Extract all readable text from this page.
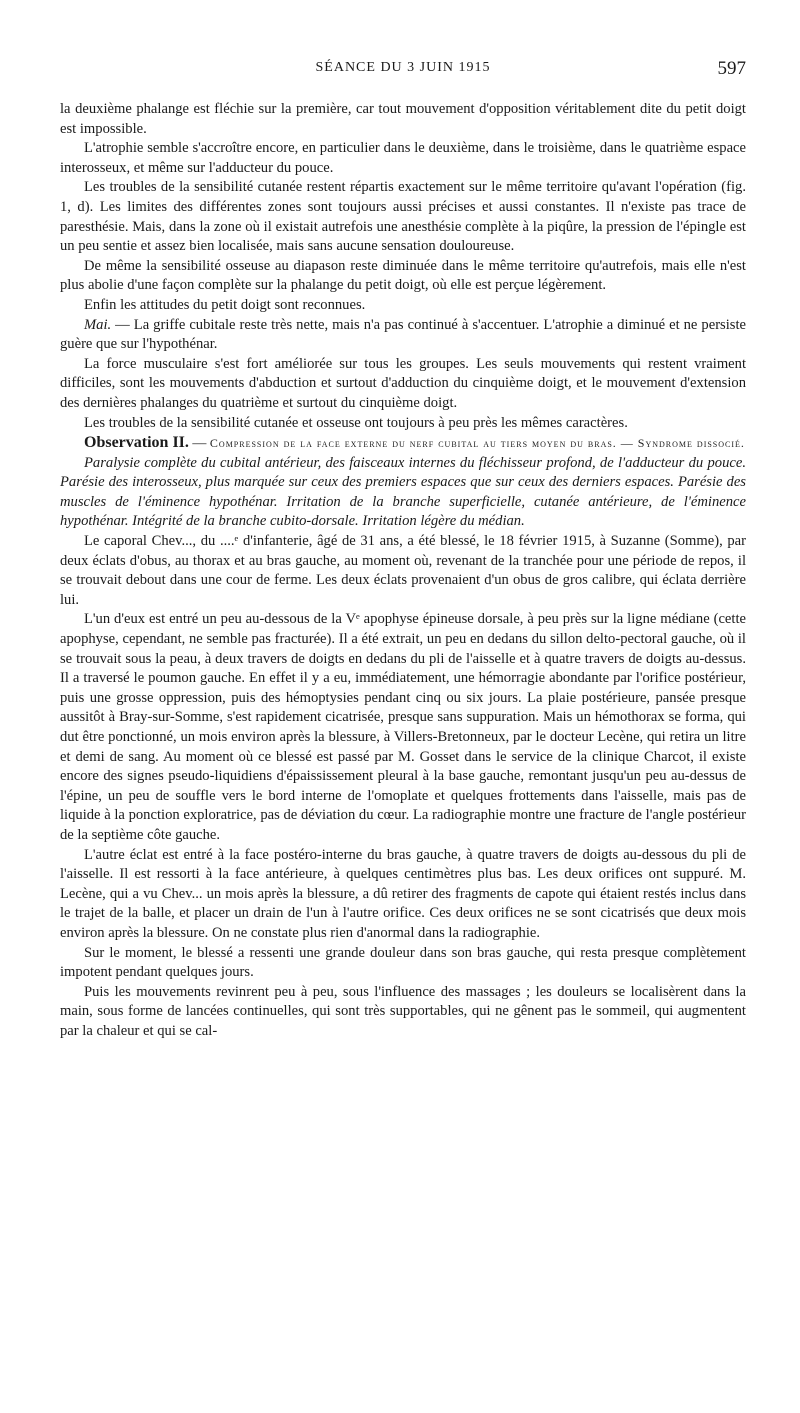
SÉANCE DU 3 JUIN 1915	597

la deuxième phalange est fléchie sur la première, car tout mouvement d'opposition véritablement dite du petit doigt est impossible.

L'atrophie semble s'accroître encore, en particulier dans le deuxième, dans le troisième, dans le quatrième espace interosseux, et même sur l'adducteur du pouce.

Les troubles de la sensibilité cutanée restent répartis exactement sur le même territoire qu'avant l'opération (fig. 1, d). Les limites des différentes zones sont toujours aussi précises et aussi constantes. Il n'existe pas trace de paresthésie. Mais, dans la zone où il existait autrefois une anesthésie complète à la piqûre, la pression de l'épingle est un peu sentie et assez bien localisée, mais sans aucune sensation douloureuse.

De même la sensibilité osseuse au diapason reste diminuée dans le même territoire qu'autrefois, mais elle n'est plus abolie d'une façon complète sur la phalange du petit doigt, où elle est perçue légèrement.

Enfin les attitudes du petit doigt sont reconnues.

Mai. — La griffe cubitale reste très nette, mais n'a pas continué à s'accentuer. L'atrophie a diminué et ne persiste guère que sur l'hypothénar.

La force musculaire s'est fort améliorée sur tous les groupes. Les seuls mouvements qui restent vraiment difficiles, sont les mouvements d'abduction et surtout d'adduction du cinquième doigt, et le mouvement d'extension des dernières phalanges du quatrième et surtout du cinquième doigt.

Les troubles de la sensibilité cutanée et osseuse ont toujours à peu près les mêmes caractères.

Observation II. — Compression de la face externe du nerf cubital au tiers moyen du bras. — Syndrome dissocié.

Paralysie complète du cubital antérieur, des faisceaux internes du fléchisseur profond, de l'adducteur du pouce. Parésie des interosseux, plus marquée sur ceux des premiers espaces que sur ceux des derniers espaces. Parésie des muscles de l'éminence hypothénar. Irritation de la branche superficielle, cutanée antérieure, de l'éminence hypothénar. Intégrité de la branche cubito-dorsale. Irritation légère du médian.

Le caporal Chev..., du ....ᵉ d'infanterie, âgé de 31 ans, a été blessé, le 18 février 1915, à Suzanne (Somme), par deux éclats d'obus, au thorax et au bras gauche, au moment où, revenant de la tranchée pour une période de repos, il se trouvait debout dans une cour de ferme. Les deux éclats provenaient d'un obus de gros calibre, qui éclata derrière lui.

L'un d'eux est entré un peu au-dessous de la Vᵉ apophyse épineuse dorsale, à peu près sur la ligne médiane (cette apophyse, cependant, ne semble pas fracturée). Il a été extrait, un peu en dedans du sillon delto-pectoral gauche, où il se trouvait sous la peau, à deux travers de doigts en dedans du pli de l'aisselle et à quatre travers de doigts au-dessus. Il a traversé le poumon gauche. En effet il y a eu, immédiatement, une hémorragie abondante par l'orifice postérieur, puis une grosse oppression, puis des hémoptysies pendant cinq ou six jours. La plaie postérieure, pansée presque aussitôt à Bray-sur-Somme, s'est rapidement cicatrisée, presque sans suppuration. Mais un hémothorax se forma, qui dut être ponctionné, un mois environ après la blessure, à Villers-Bretonneux, par le docteur Lecène, qui retira un litre et demi de sang. Au moment où ce blessé est passé par M. Gosset dans le service de la clinique Charcot, il existe encore des signes pseudo-liquidiens d'épaississement pleural à la base gauche, remontant jusqu'un peu au-dessus de l'épine, un peu de souffle vers le bord interne de l'omoplate et quelques frottements dans l'aisselle, mais pas de liquide à la ponction exploratrice, pas de déviation du cœur. La radiographie montre une fracture de l'angle postérieur de la septième côte gauche.

L'autre éclat est entré à la face postéro-interne du bras gauche, à quatre travers de doigts au-dessous du pli de l'aisselle. Il est ressorti à la face antérieure, à quelques centimètres plus bas. Les deux orifices ont suppuré. M. Lecène, qui a vu Chev... un mois après la blessure, a dû retirer des fragments de capote qui étaient restés inclus dans le trajet de la balle, et placer un drain de l'un à l'autre orifice. Ces deux orifices ne se sont cicatrisés que deux mois environ après la blessure. On ne constate plus rien d'anormal dans la radiographie.

Sur le moment, le blessé a ressenti une grande douleur dans son bras gauche, qui resta presque complètement impotent pendant quelques jours.

Puis les mouvements revinrent peu à peu, sous l'influence des massages ; les douleurs se localisèrent dans la main, sous forme de lancées continuelles, qui sont très supportables, qui ne gênent pas le sommeil, qui augmentent par la chaleur et qui se cal-
